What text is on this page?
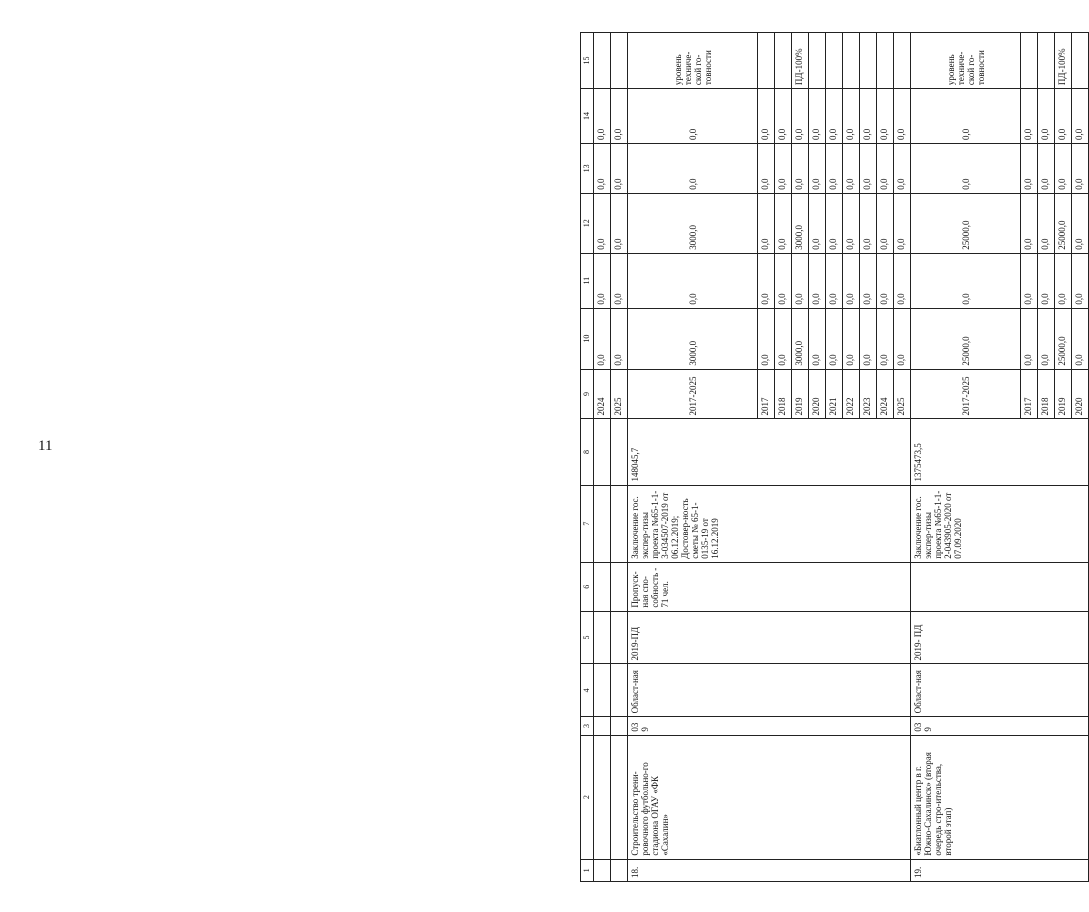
11
1	2	3	4	5	6	7	8	9	10	11	12	13	14	15
								2024	0,0	0,0	0,0	0,0	0,0	
								2025	0,0	0,0	0,0	0,0	0,0	
18.	Строительство трени-ровочного футбольно-го стадиона ОГАУ «ФК «Сахалин»	039	Област-ная	2019-ПД	Пропуск-ная спо-собность - 71 чел.	Заключение гос. экспер-тизы проекта №65-1-1-3-034507-2019 от 06.12.2019; Достовер-ность сметы № 65-1-0135-19 от 16.12.2019	148045,7	2017-2025	3000,0	0,0	3000,0	0,0	0,0	уровень техниче-ской го-товности
								2017	0,0	0,0	0,0	0,0	0,0	
								2018	0,0	0,0	0,0	0,0	0,0	
								2019	3000,0	0,0	3000,0	0,0	0,0	ПД-100%
								2020	0,0	0,0	0,0	0,0	0,0	
								2021	0,0	0,0	0,0	0,0	0,0	
								2022	0,0	0,0	0,0	0,0	0,0	
								2023	0,0	0,0	0,0	0,0	0,0	
								2024	0,0	0,0	0,0	0,0	0,0	
								2025	0,0	0,0	0,0	0,0	0,0	
19.	«Биатлонный центр в г. Южно-Сахалинск» (вторая очередь стро-ительства, второй этап)	039	Област-ная	2019- ПД		Заключение гос. экспер-тизы проекта №65-1-1-2-043905-2020 от 07.09.2020	1375473,5	2017-2025	25000,0	0,0	25000,0	0,0	0,0	уровень техниче-ской го-товности
								2017	0,0	0,0	0,0	0,0	0,0	
								2018	0,0	0,0	0,0	0,0	0,0	
								2019	25000,0	0,0	25000,0	0,0	0,0	ПД-100%
								2020	0,0	0,0	0,0	0,0	0,0	
